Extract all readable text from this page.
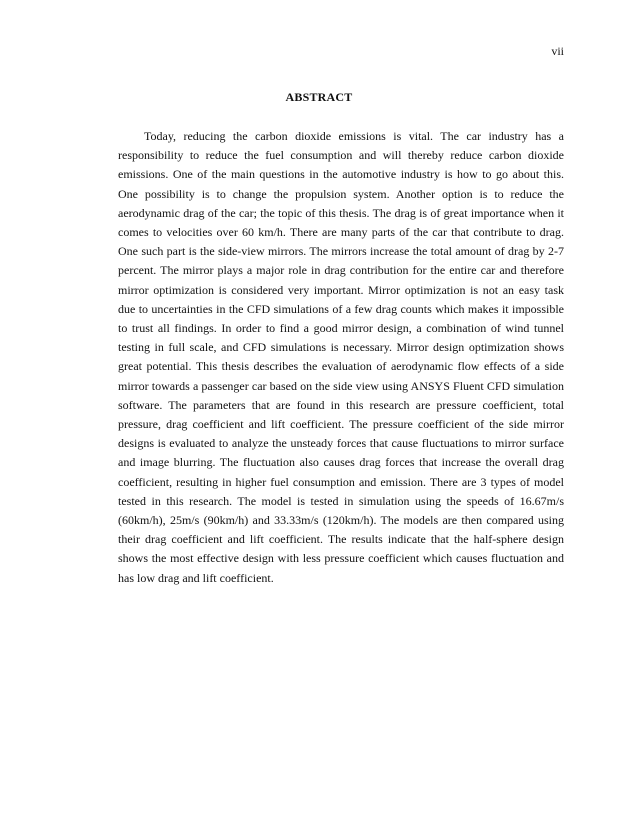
vii
ABSTRACT

Today, reducing the carbon dioxide emissions is vital. The car industry has a responsibility to reduce the fuel consumption and will thereby reduce carbon dioxide emissions. One of the main questions in the automotive industry is how to go about this. One possibility is to change the propulsion system. Another option is to reduce the aerodynamic drag of the car; the topic of this thesis. The drag is of great importance when it comes to velocities over 60 km/h. There are many parts of the car that contribute to drag. One such part is the side-view mirrors. The mirrors increase the total amount of drag by 2-7 percent. The mirror plays a major role in drag contribution for the entire car and therefore mirror optimization is considered very important. Mirror optimization is not an easy task due to uncertainties in the CFD simulations of a few drag counts which makes it impossible to trust all findings. In order to find a good mirror design, a combination of wind tunnel testing in full scale, and CFD simulations is necessary. Mirror design optimization shows great potential. This thesis describes the evaluation of aerodynamic flow effects of a side mirror towards a passenger car based on the side view using ANSYS Fluent CFD simulation software. The parameters that are found in this research are pressure coefficient, total pressure, drag coefficient and lift coefficient. The pressure coefficient of the side mirror designs is evaluated to analyze the unsteady forces that cause fluctuations to mirror surface and image blurring. The fluctuation also causes drag forces that increase the overall drag coefficient, resulting in higher fuel consumption and emission. There are 3 types of model tested in this research. The model is tested in simulation using the speeds of 16.67m/s (60km/h), 25m/s (90km/h) and 33.33m/s (120km/h). The models are then compared using their drag coefficient and lift coefficient. The results indicate that the half-sphere design shows the most effective design with less pressure coefficient which causes fluctuation and has low drag and lift coefficient.
